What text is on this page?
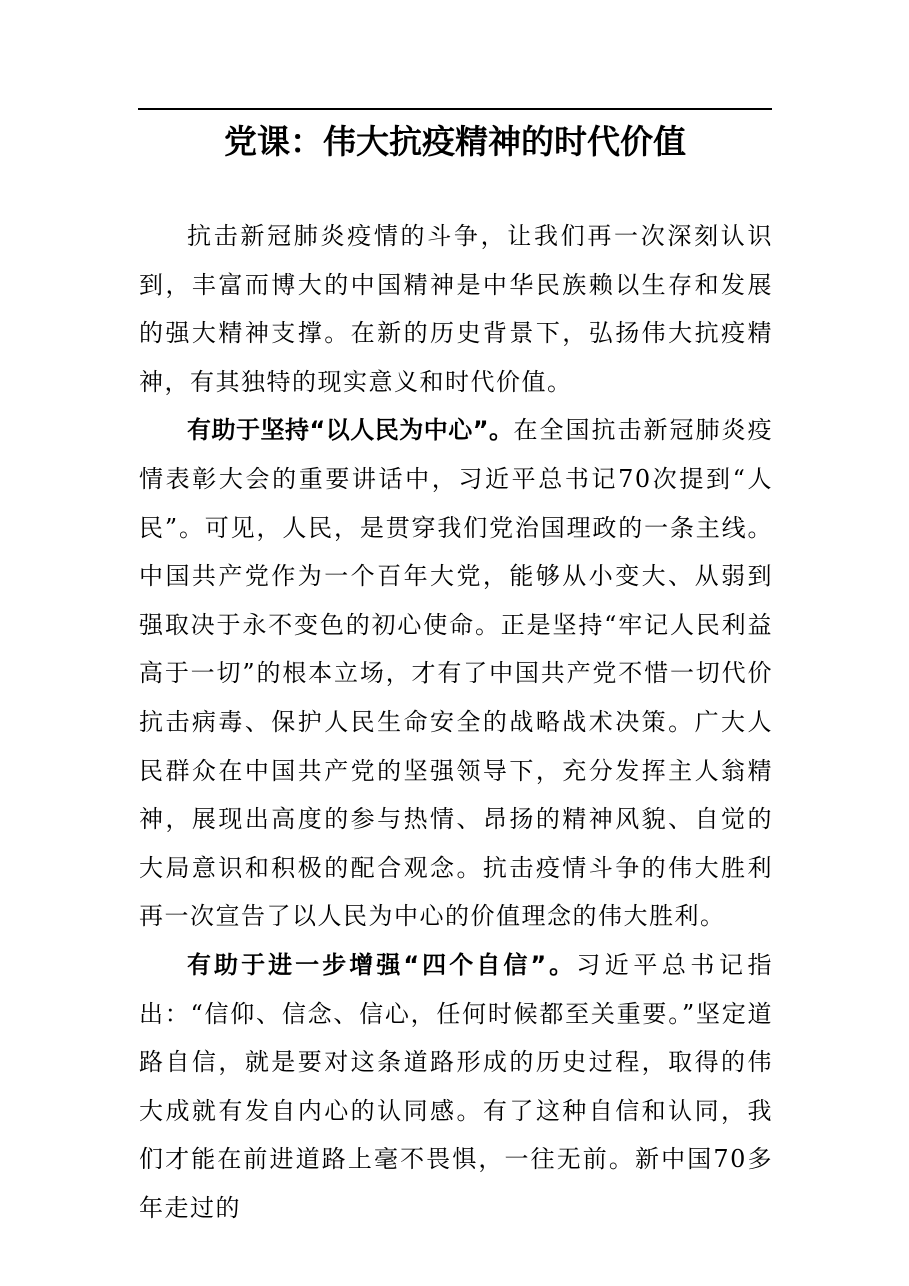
党课：伟大抗疫精神的时代价值

抗击新冠肺炎疫情的斗争，让我们再一次深刻认识到，丰富而博大的中国精神是中华民族赖以生存和发展的强大精神支撑。在新的历史背景下，弘扬伟大抗疫精神，有其独特的现实意义和时代价值。

有助于坚持“以人民为中心”。在全国抗击新冠肺炎疫情表彰大会的重要讲话中，习近平总书记70次提到“人民”。可见，人民，是贯穿我们党治国理政的一条主线。中国共产党作为一个百年大党，能够从小变大、从弱到强取决于永不变色的初心使命。正是坚持“牢记人民利益高于一切”的根本立场，才有了中国共产党不惜一切代价抗击病毒、保护人民生命安全的战略战术决策。广大人民群众在中国共产党的坚强领导下，充分发挥主人翁精神，展现出高度的参与热情、昂扬的精神风貌、自觉的大局意识和积极的配合观念。抗击疫情斗争的伟大胜利再一次宣告了以人民为中心的价值理念的伟大胜利。

有助于进一步增强“四个自信”。习近平总书记指出：“信仰、信念、信心，任何时候都至关重要。”坚定道路自信，就是要对这条道路形成的历史过程，取得的伟大成就有发自内心的认同感。有了这种自信和认同，我们才能在前进道路上毫不畏惧，一往无前。新中国70多年走过的
